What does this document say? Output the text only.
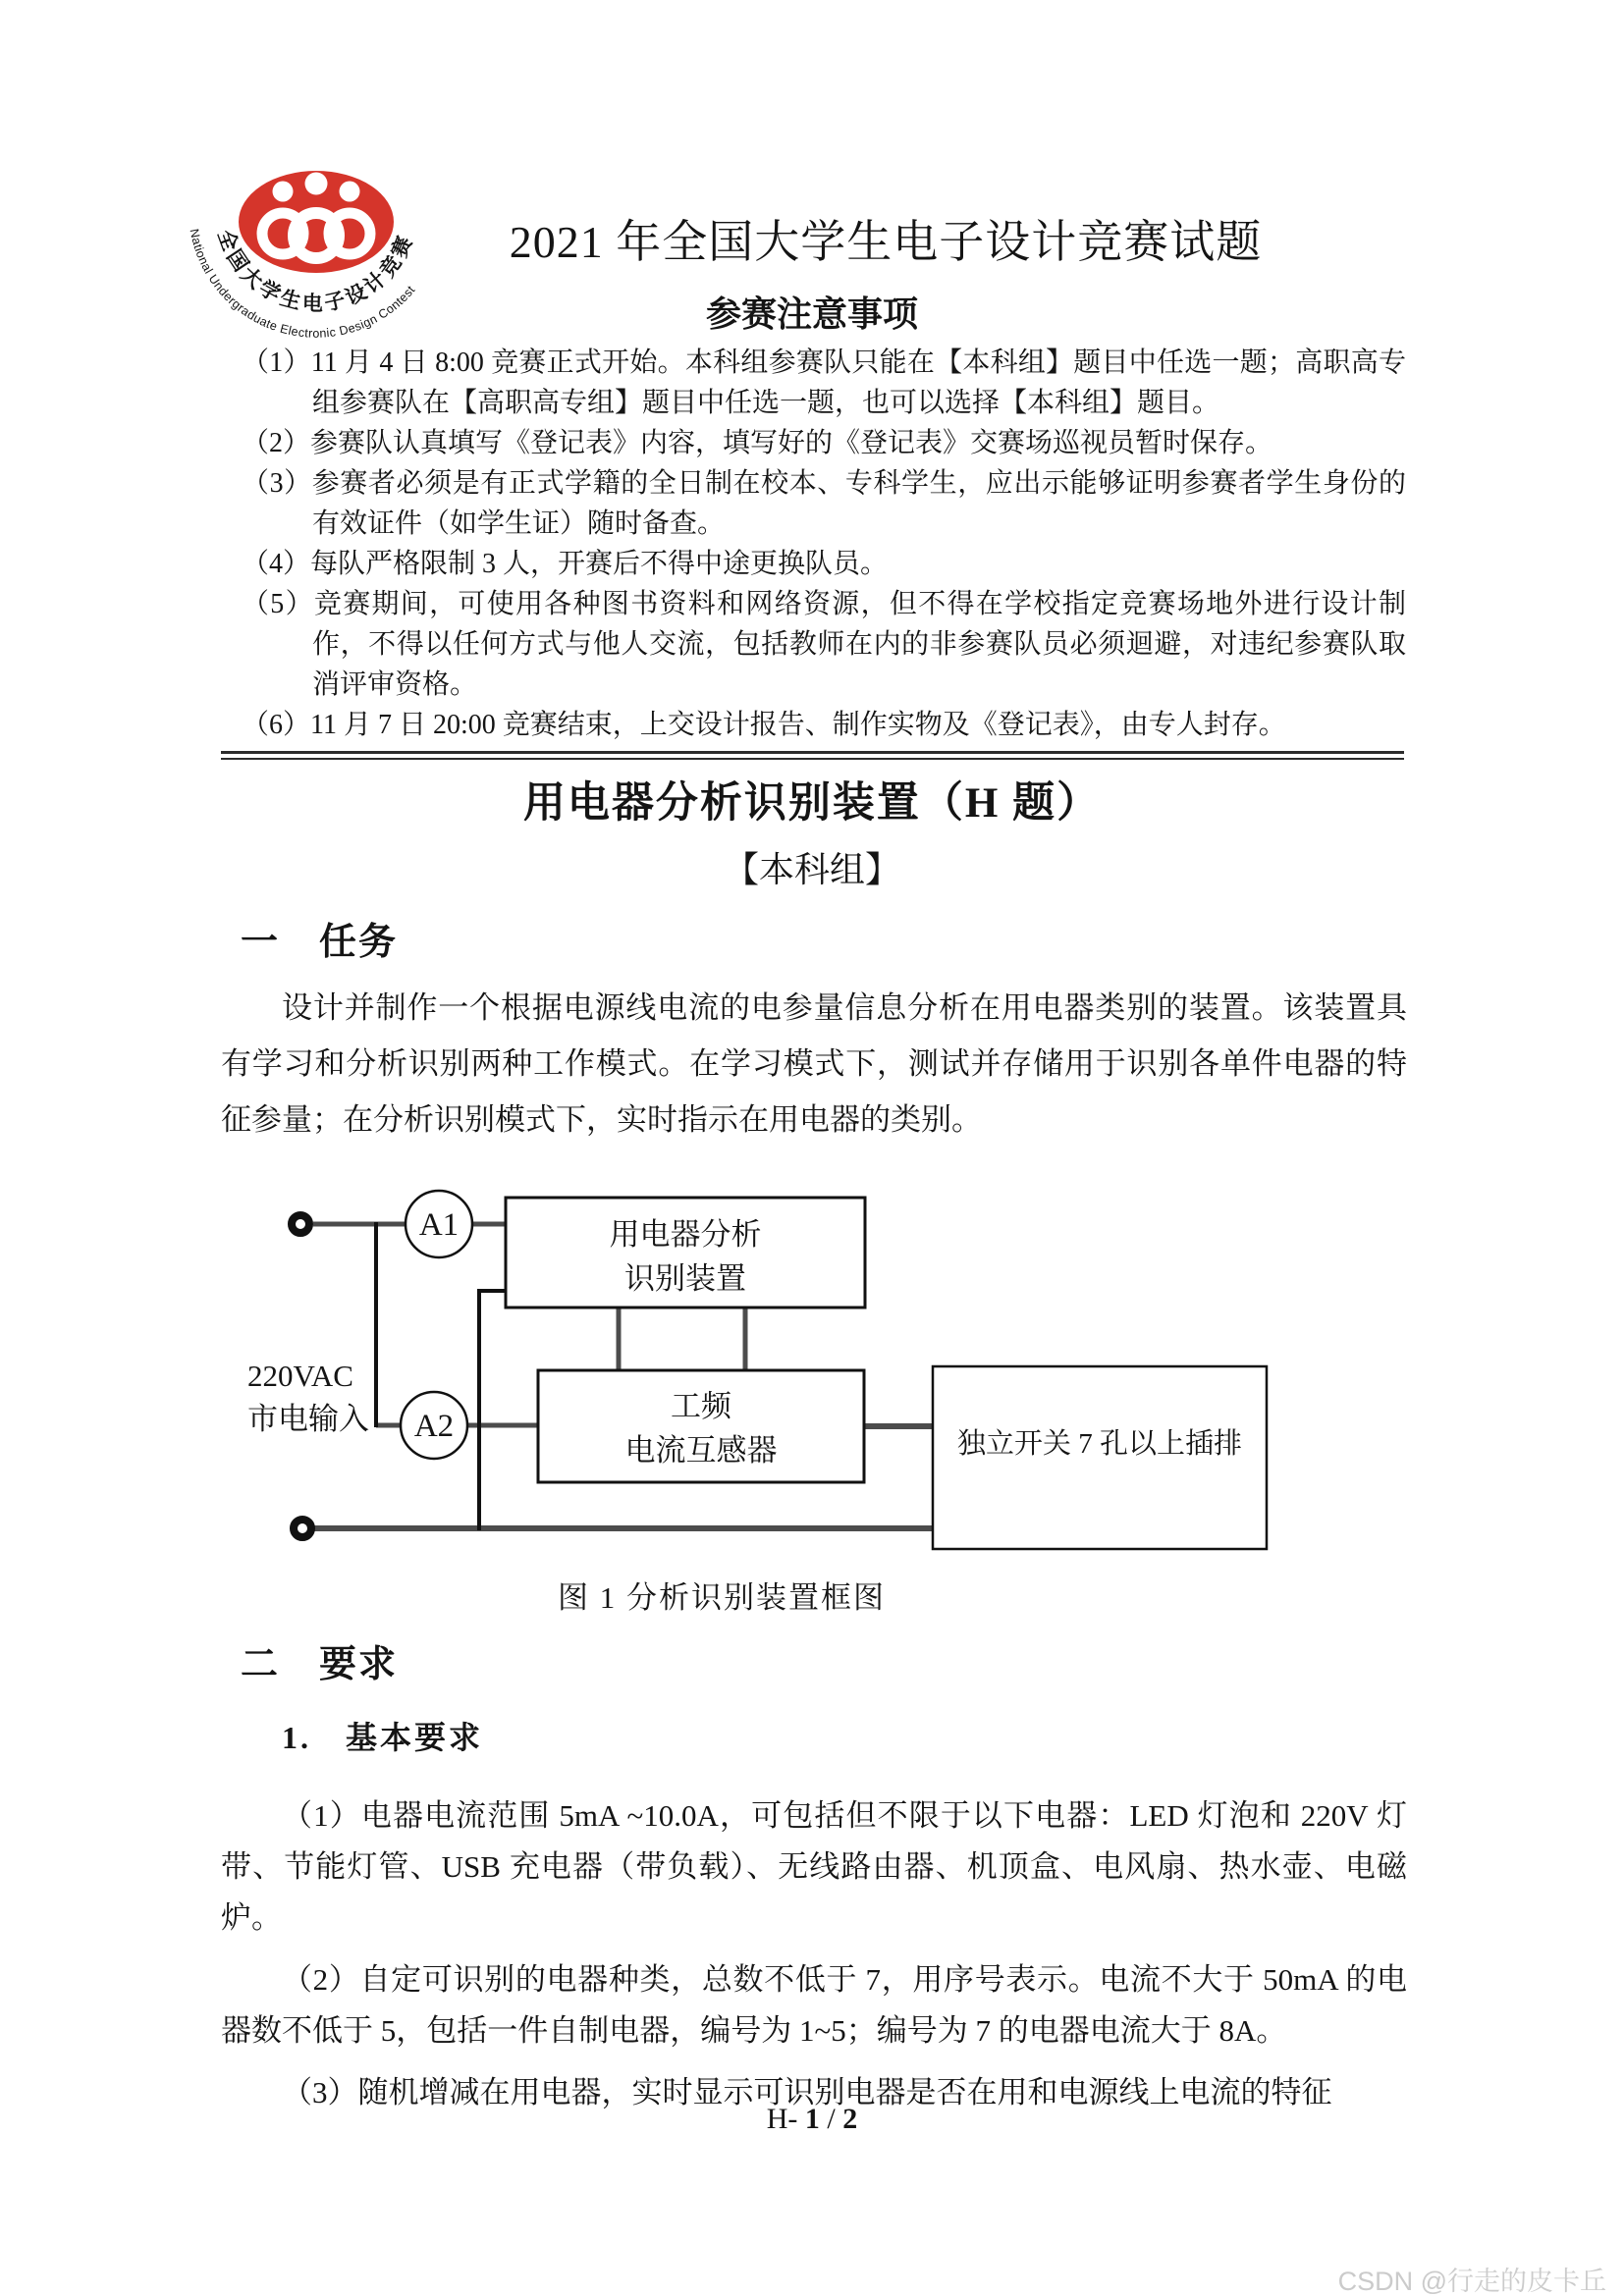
全国大学生电子设计竞赛
National Undergraduate Electronic Design Contest
2021 年全国大学生电子设计竞赛试题
参赛注意事项

（1）11 月 4 日 8:00 竞赛正式开始。本科组参赛队只能在【本科组】题目中任选一题；高职高专组参赛队在【高职高专组】题目中任选一题，也可以选择【本科组】题目。

（2）参赛队认真填写《登记表》内容，填写好的《登记表》交赛场巡视员暂时保存。

（3）参赛者必须是有正式学籍的全日制在校本、专科学生，应出示能够证明参赛者学生身份的有效证件（如学生证）随时备查。

（4）每队严格限制 3 人，开赛后不得中途更换队员。

（5）竞赛期间，可使用各种图书资料和网络资源，但不得在学校指定竞赛场地外进行设计制作，不得以任何方式与他人交流，包括教师在内的非参赛队员必须迴避，对违纪参赛队取消评审资格。

（6）11 月 7 日 20:00 竞赛结束，上交设计报告、制作实物及《登记表》，由专人封存。

用电器分析识别装置（H 题）
【本科组】
一　任务

设计并制作一个根据电源线电流的电参量信息分析在用电器类别的装置。该装置具有学习和分析识别两种工作模式。在学习模式下，测试并存储用于识别各单件电器的特征参量；在分析识别模式下，实时指示在用电器的类别。

A1
A2
用电器分析
识别装置
工频
电流互感器	独立开关 7 孔以上插排
220VAC
市电输入
图 1 分析识别装置框图
二　要求
1.　基本要求

（1）电器电流范围 5mA ~10.0A，可包括但不限于以下电器：LED 灯泡和 220V 灯带、节能灯管、USB 充电器（带负载）、无线路由器、机顶盒、电风扇、热水壶、电磁炉。

（2）自定可识别的电器种类，总数不低于 7，用序号表示。电流不大于 50mA 的电器数不低于 5，包括一件自制电器，编号为 1~5；编号为 7 的电器电流大于 8A。

（3）随机增减在用电器，实时显示可识别电器是否在用和电源线上电流的特征

H- 1 / 2
CSDN @行走的皮卡丘
